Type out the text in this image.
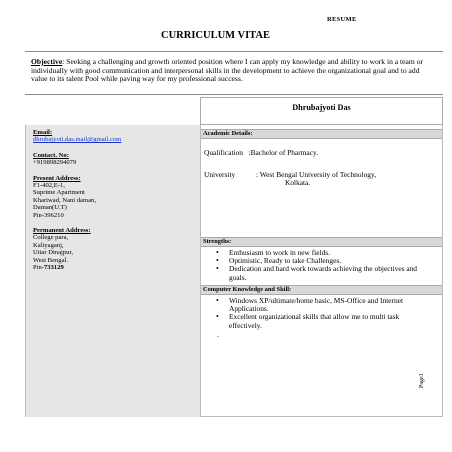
RESUME
CURRICULUM VITAE
Objective: Seeking a challenging and growth oriented position where I can apply my knowledge and ability to work in a team or individually with good communication and interpersonal skills in the development to achieve the organizational goal and to add value to its talent Pool while paving way for my professional success.
Dhrubajyoti Das
Email:
dhrubajyoti.das.mail@gmail.com
Contact. No:
+919898294079
Present Address:
F1-402,E-1,
Suprime Apartment
Khariwad, Nani daman,
Daman(U.T)
Pin-396210
Permanent Address:
College para,
Kaliyaganj,
Uttar Dinajpur,
West Bengal.
Pin-733129
Academic Details:
Qualification :Bachelor of Pharmacy.
University	: West Bengal University of Technology,
Kolkata.
Strengths:
• Enthusiasm to work in new fields.
• Optimistic, Ready to take Challenges.
• Dedication and hard work towards achieving the objectives and goals.
Computer Knowledge and Skill:
• Windows XP/ultimate/home basic, MS-Office and Internet Applications.
• Excellent organizational skills that allow me to multi task effectively.
.
Page1
